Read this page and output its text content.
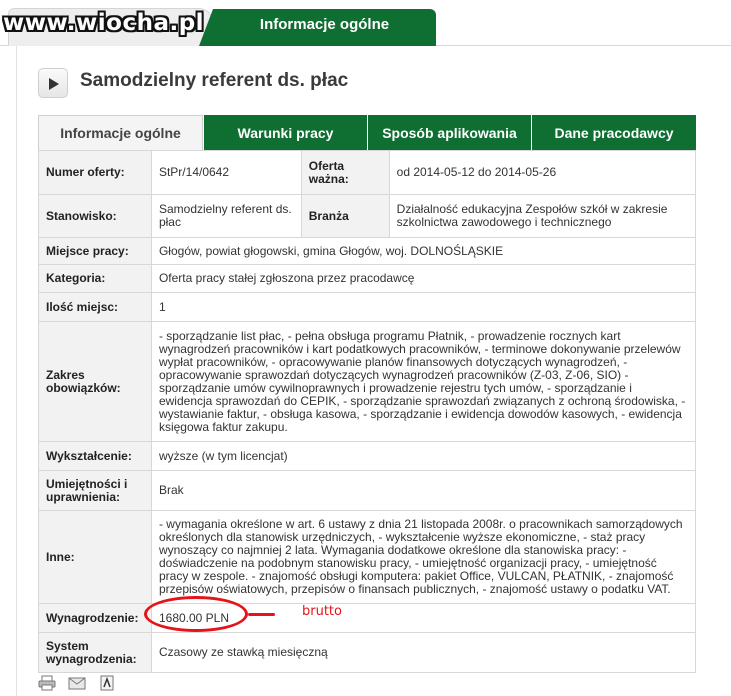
Informacje ogólne
www.wiocha.pl
Samodzielny referent ds. płac
Informacje ogólne	Warunki pracy	Sposób aplikowania	Dane pracodawcy
Numer oferty:	StPr/14/0642	Oferta ważna:	od 2014-05-12 do 2014-05-26
Stanowisko:	Samodzielny referent ds. płac	Branża	Działalność edukacyjna Zespołów szkół w zakresie szkolnictwa zawodowego i technicznego
Miejsce pracy:	Głogów, powiat głogowski, gmina Głogów, woj. DOLNOŚLĄSKIE		
Kategoria:	Oferta pracy stałej zgłoszona przez pracodawcę		
Ilość miejsc:	1		
Zakres obowiązków:	- sporządzanie list płac, - pełna obsługa programu Płatnik, - prowadzenie rocznych kart wynagrodzeń pracowników i kart podatkowych pracowników, - terminowe dokonywanie przelewów wypłat pracowników, - opracowywanie planów finansowych dotyczących wynagrodzeń, - opracowywanie sprawozdań dotyczących wynagrodzeń pracowników (Z-03, Z-06, SIO) - sporządzanie umów cywilnoprawnych i prowadzenie rejestru tych umów, - sporządzanie i ewidencja sprawozdań do CEPIK, - sporządzanie sprawozdań związanych z ochroną środowiska, - wystawianie faktur, - obsługa kasowa, - sporządzanie i ewidencja dowodów kasowych, - ewidencja księgowa faktur zakupu.		
Wykształcenie:	wyższe (w tym licencjat)		
Umiejętności i uprawnienia:	Brak		
Inne:	- wymagania określone w art. 6 ustawy z dnia 21 listopada 2008r. o pracownikach samorządowych określonych dla stanowisk urzędniczych, - wykształcenie wyższe ekonomiczne, - staż pracy wynoszący co najmniej 2 lata. Wymagania dodatkowe określone dla stanowiska pracy: - doświadczenie na podobnym stanowisku pracy, - umiejętność organizacji pracy, - umiejętność pracy w zespole. - znajomość obsługi komputera: pakiet Office, VULCAN, PŁATNIK, - znajomość przepisów oświatowych, przepisów o finansach publicznych, - znajomość ustawy o podatku VAT.		
Wynagrodzenie:	1680.00 PLN		
System wynagrodzenia:	Czasowy ze stawką miesięczną		
brutto
